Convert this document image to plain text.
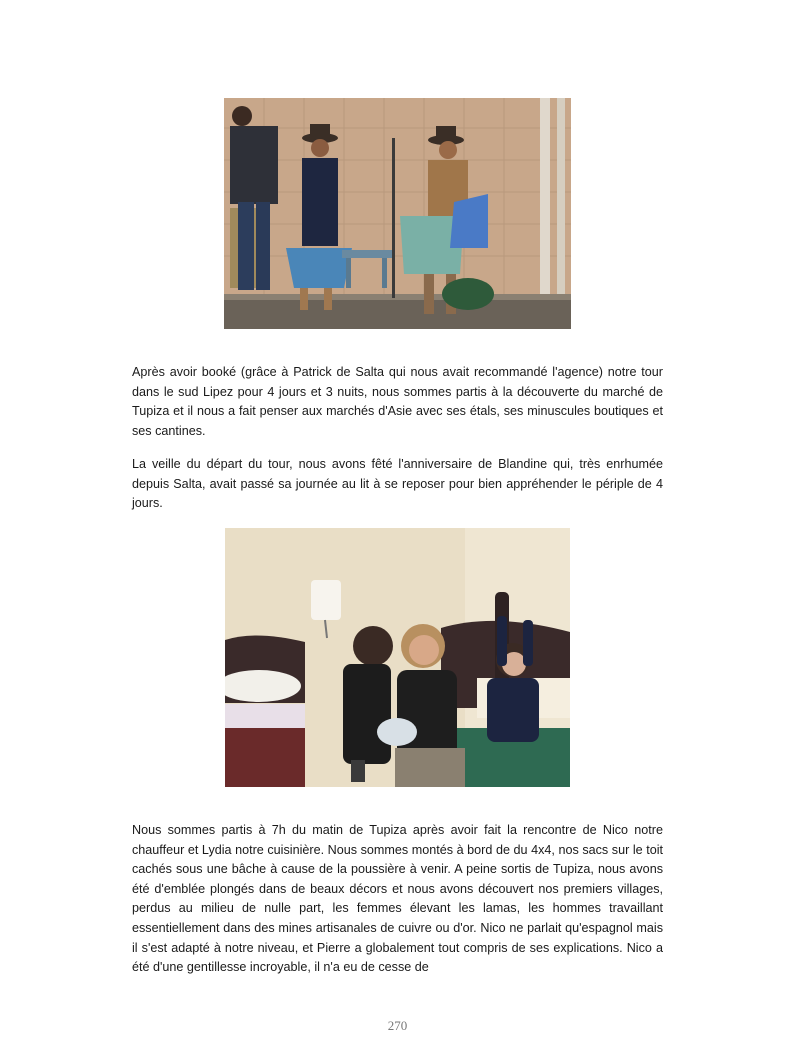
Après avoir booké (grâce à Patrick de Salta qui nous avait recommandé l'agence) notre tour dans le sud Lipez pour 4 jours et 3 nuits, nous sommes partis à la découverte du marché de Tupiza et il nous a fait penser aux marchés d'Asie avec ses étals, ses minuscules boutiques et ses cantines.

La veille du départ du tour, nous avons fêté l'anniversaire de Blandine qui, très enrhumée depuis Salta, avait passé sa journée au lit à se reposer pour bien appréhender le périple de 4 jours.

Nous sommes partis à 7h du matin de Tupiza après avoir fait la rencontre de Nico notre chauffeur et Lydia notre cuisinière. Nous sommes montés à bord de du 4x4, nos sacs sur le toit cachés sous une bâche à cause de la poussière à venir. A peine sortis de Tupiza, nous avons été d'emblée plongés dans de beaux décors et nous avons découvert nos premiers villages, perdus au milieu de nulle part, les femmes élevant les lamas, les hommes travaillant essentiellement dans des mines artisanales de cuivre ou d'or. Nico ne parlait qu'espagnol mais il s'est adapté à notre niveau, et Pierre a globalement tout compris de ses explications. Nico a été d'une gentillesse incroyable, il n'a eu de cesse de

270
